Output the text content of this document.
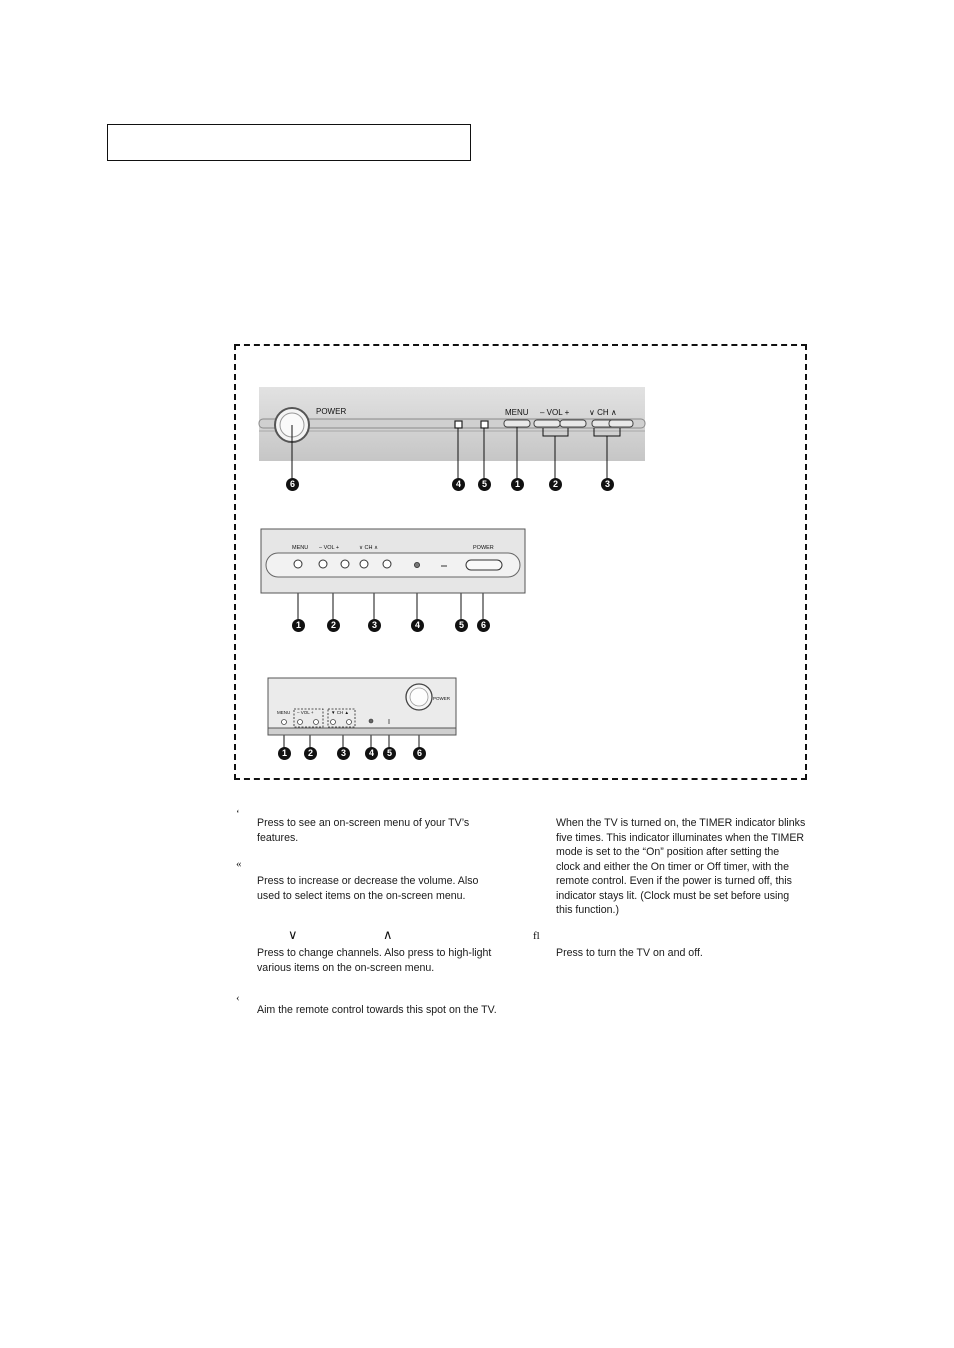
POWER	MENU – VOL + ∨ CH ∧
6	4	5	1	2	3
MENU – VOL +	∨ CH ∧	POWER
1	2	3	4	5	6
MENU – VOL +	▼ CH ▲
POWER
1	2	3	4	5	6
‘
Press to see an on-screen menu of your TV’s features.
«
Press to increase or decrease the volume. Also used to select items on the on-screen menu.
∨	∧
Press to change channels. Also press to high-light various items on the on-screen menu.
‹
Aim the remote control towards this spot on the TV.
When the TV is turned on, the TIMER indicator blinks five times. This indicator illuminates when the TIMER mode is set to the “On” position after setting the clock and either the On timer or Off timer, with the remote control. Even if the power is turned off, this indicator stays lit. (Clock must be set before using this function.)
fl
Press to turn the TV on and off.
